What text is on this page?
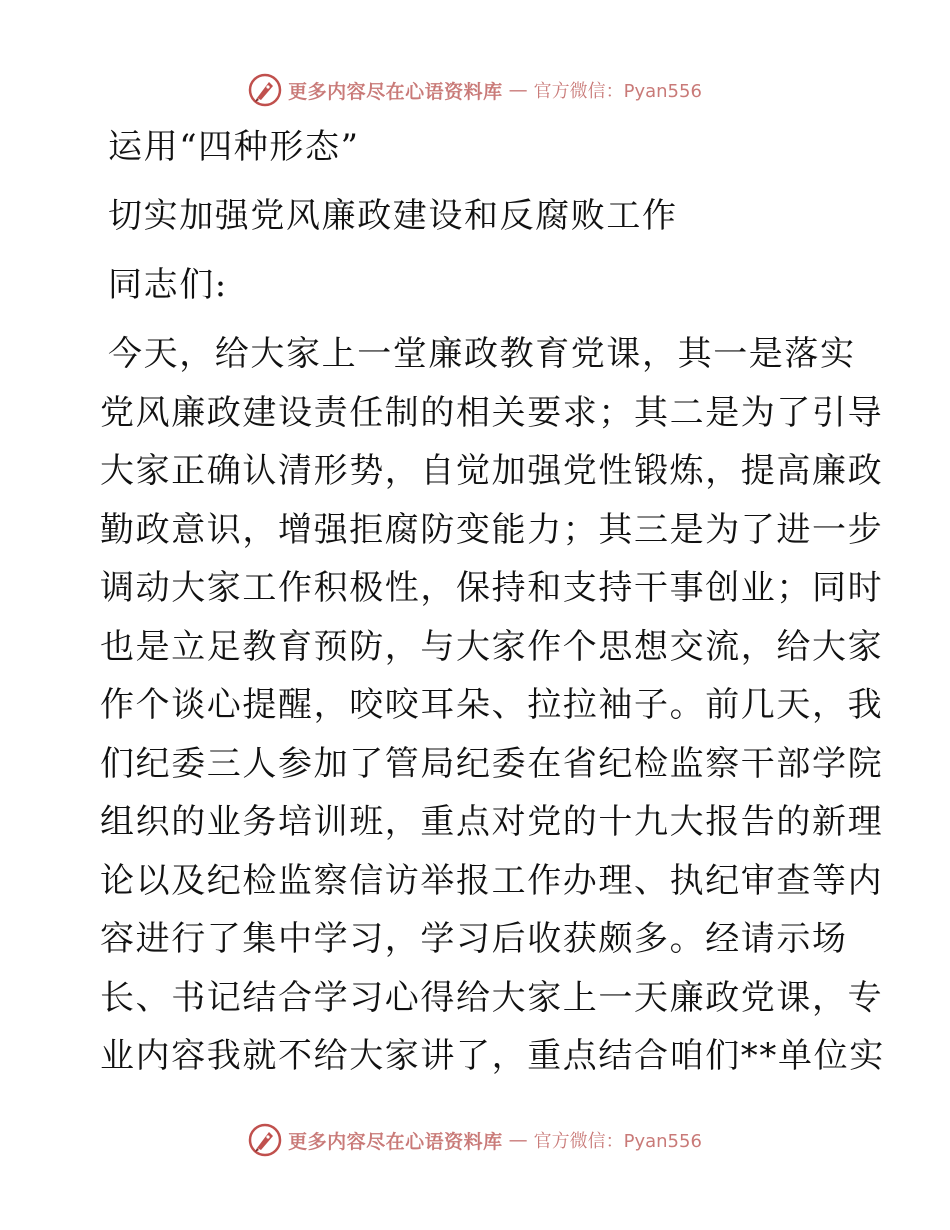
更多内容尽在心语资料库 — 官方微信：Pyan556
运用“四种形态”
切实加强党风廉政建设和反腐败工作
同志们:
今天，给大家上一堂廉政教育党课，其一是落实
党风廉政建设责任制的相关要求；其二是为了引导
大家正确认清形势，自觉加强党性锻炼，提高廉政
勤政意识，增强拒腐防变能力；其三是为了进一步
调动大家工作积极性，保持和支持干事创业；同时
也是立足教育预防，与大家作个思想交流，给大家
作个谈心提醒，咬咬耳朵、拉拉袖子。前几天，我
们纪委三人参加了管局纪委在省纪检监察干部学院
组织的业务培训班，重点对党的十九大报告的新理
论以及纪检监察信访举报工作办理、执纪审查等内
容进行了集中学习，学习后收获颇多。经请示场
长、书记结合学习心得给大家上一天廉政党课，专
业内容我就不给大家讲了，重点结合咱们**单位实
更多内容尽在心语资料库 — 官方微信：Pyan556
